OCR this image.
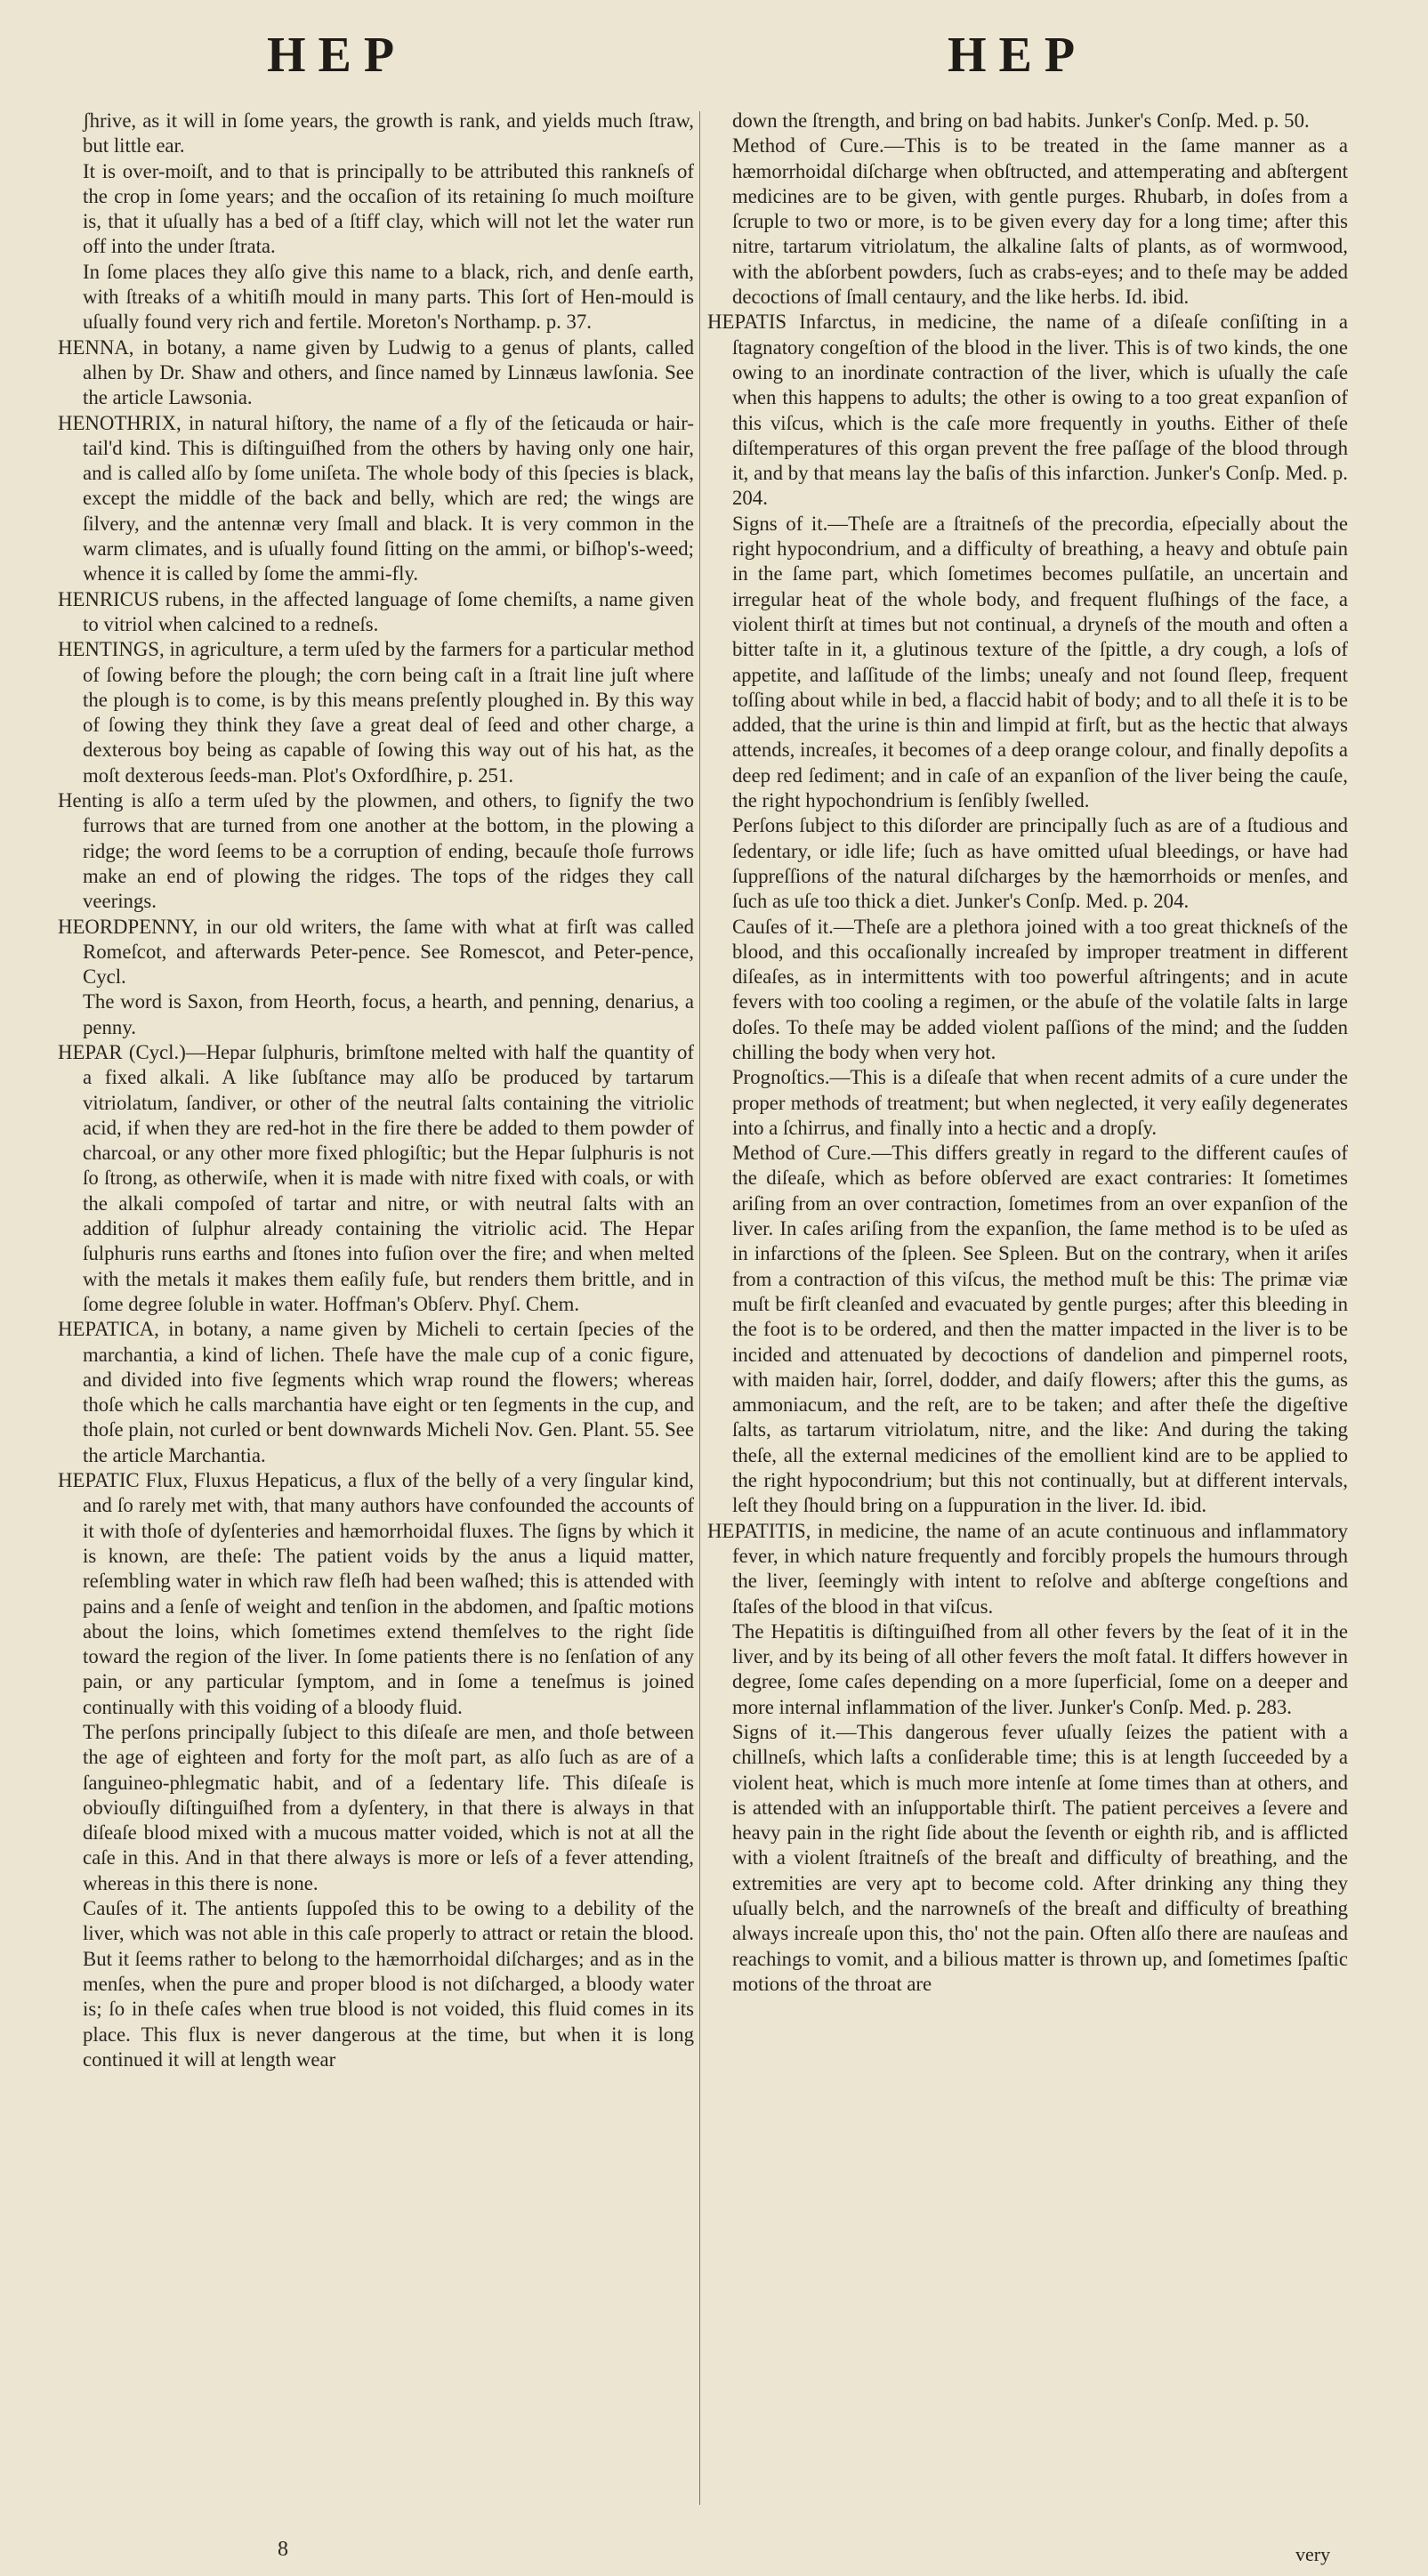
HEP	HEP

ʃhrive, as it will in ſome years, the growth is rank, and yields much ſtraw, but little ear.

It is over-moiſt, and to that is principally to be attributed this rankneſs of the crop in ſome years; and the occaſion of its retaining ſo much moiſture is, that it uſually has a bed of a ſtiff clay, which will not let the water run off into the under ſtrata.

In ſome places they alſo give this name to a black, rich, and denſe earth, with ſtreaks of a whitiſh mould in many parts. This ſort of Hen-mould is uſually found very rich and fertile. Moreton's Northamp. p. 37.

HENNA, in botany, a name given by Ludwig to a genus of plants, called alhen by Dr. Shaw and others, and ſince named by Linnæus lawſonia. See the article Lawsonia.

HENOTHRIX, in natural hiſtory, the name of a fly of the ſeticauda or hair-tail'd kind. This is diſtinguiſhed from the others by having only one hair, and is called alſo by ſome uniſeta. The whole body of this ſpecies is black, except the middle of the back and belly, which are red; the wings are ſilvery, and the antennæ very ſmall and black. It is very common in the warm climates, and is uſually found ſitting on the ammi, or biſhop's-weed; whence it is called by ſome the ammi-fly.

HENRICUS rubens, in the affected language of ſome chemiſts, a name given to vitriol when calcined to a redneſs.

HENTINGS, in agriculture, a term uſed by the farmers for a particular method of ſowing before the plough; the corn being caſt in a ſtrait line juſt where the plough is to come, is by this means preſently ploughed in. By this way of ſowing they think they ſave a great deal of ſeed and other charge, a dexterous boy being as capable of ſowing this way out of his hat, as the moſt dexterous ſeeds-man. Plot's Oxfordſhire, p. 251.

Henting is alſo a term uſed by the plowmen, and others, to ſignify the two furrows that are turned from one another at the bottom, in the plowing a ridge; the word ſeems to be a corruption of ending, becauſe thoſe furrows make an end of plowing the ridges. The tops of the ridges they call veerings.

HEORDPENNY, in our old writers, the ſame with what at firſt was called Romeſcot, and afterwards Peter-pence. See Romescot, and Peter-pence, Cycl.

The word is Saxon, from Heorth, focus, a hearth, and penning, denarius, a penny.

HEPAR (Cycl.)—Hepar ſulphuris, brimſtone melted with half the quantity of a fixed alkali. A like ſubſtance may alſo be produced by tartarum vitriolatum, ſandiver, or other of the neutral ſalts containing the vitriolic acid, if when they are red-hot in the fire there be added to them powder of charcoal, or any other more fixed phlogiſtic; but the Hepar ſulphuris is not ſo ſtrong, as otherwiſe, when it is made with nitre fixed with coals, or with the alkali compoſed of tartar and nitre, or with neutral ſalts with an addition of ſulphur already containing the vitriolic acid. The Hepar ſulphuris runs earths and ſtones into fuſion over the fire; and when melted with the metals it makes them eaſily fuſe, but renders them brittle, and in ſome degree ſoluble in water. Hoffman's Obſerv. Phyſ. Chem.

HEPATICA, in botany, a name given by Micheli to certain ſpecies of the marchantia, a kind of lichen. Theſe have the male cup of a conic figure, and divided into five ſegments which wrap round the flowers; whereas thoſe which he calls marchantia have eight or ten ſegments in the cup, and thoſe plain, not curled or bent downwards Micheli Nov. Gen. Plant. 55. See the article Marchantia.

HEPATIC Flux, Fluxus Hepaticus, a flux of the belly of a very ſingular kind, and ſo rarely met with, that many authors have confounded the accounts of it with thoſe of dyſenteries and hæmorrhoidal fluxes. The ſigns by which it is known, are theſe: The patient voids by the anus a liquid matter, reſembling water in which raw fleſh had been waſhed; this is attended with pains and a ſenſe of weight and tenſion in the abdomen, and ſpaſtic motions about the loins, which ſometimes extend themſelves to the right ſide toward the region of the liver. In ſome patients there is no ſenſation of any pain, or any particular ſymptom, and in ſome a teneſmus is joined continually with this voiding of a bloody fluid.

The perſons principally ſubject to this diſeaſe are men, and thoſe between the age of eighteen and forty for the moſt part, as alſo ſuch as are of a ſanguineo-phlegmatic habit, and of a ſedentary life. This diſeaſe is obviouſly diſtinguiſhed from a dyſentery, in that there is always in that diſeaſe blood mixed with a mucous matter voided, which is not at all the caſe in this. And in that there always is more or leſs of a fever attending, whereas in this there is none.

Cauſes of it. The antients ſuppoſed this to be owing to a debility of the liver, which was not able in this caſe properly to attract or retain the blood. But it ſeems rather to belong to the hæmorrhoidal diſcharges; and as in the menſes, when the pure and proper blood is not diſcharged, a bloody water is; ſo in theſe caſes when true blood is not voided, this fluid comes in its place. This flux is never dangerous at the time, but when it is long continued it will at length wear

down the ſtrength, and bring on bad habits. Junker's Conſp. Med. p. 50.

Method of Cure.—This is to be treated in the ſame manner as a hæmorrhoidal diſcharge when obſtructed, and attemperating and abſtergent medicines are to be given, with gentle purges. Rhubarb, in doſes from a ſcruple to two or more, is to be given every day for a long time; after this nitre, tartarum vitriolatum, the alkaline ſalts of plants, as of wormwood, with the abſorbent powders, ſuch as crabs-eyes; and to theſe may be added decoctions of ſmall centaury, and the like herbs. Id. ibid.

HEPATIS Infarctus, in medicine, the name of a diſeaſe conſiſting in a ſtagnatory congeſtion of the blood in the liver. This is of two kinds, the one owing to an inordinate contraction of the liver, which is uſually the caſe when this happens to adults; the other is owing to a too great expanſion of this viſcus, which is the caſe more frequently in youths. Either of theſe diſtemperatures of this organ prevent the free paſſage of the blood through it, and by that means lay the baſis of this infarction. Junker's Conſp. Med. p. 204.

Signs of it.—Theſe are a ſtraitneſs of the precordia, eſpecially about the right hypocondrium, and a difficulty of breathing, a heavy and obtuſe pain in the ſame part, which ſometimes becomes pulſatile, an uncertain and irregular heat of the whole body, and frequent fluſhings of the face, a violent thirſt at times but not continual, a dryneſs of the mouth and often a bitter taſte in it, a glutinous texture of the ſpittle, a dry cough, a loſs of appetite, and laſſitude of the limbs; uneaſy and not ſound ſleep, frequent toſſing about while in bed, a flaccid habit of body; and to all theſe it is to be added, that the urine is thin and limpid at firſt, but as the hectic that always attends, increaſes, it becomes of a deep orange colour, and finally depoſits a deep red ſediment; and in caſe of an expanſion of the liver being the cauſe, the right hypochondrium is ſenſibly ſwelled.

Perſons ſubject to this diſorder are principally ſuch as are of a ſtudious and ſedentary, or idle life; ſuch as have omitted uſual bleedings, or have had ſuppreſſions of the natural diſcharges by the hæmorrhoids or menſes, and ſuch as uſe too thick a diet. Junker's Conſp. Med. p. 204.

Cauſes of it.—Theſe are a plethora joined with a too great thickneſs of the blood, and this occaſionally increaſed by improper treatment in different diſeaſes, as in intermittents with too powerful aſtringents; and in acute fevers with too cooling a regimen, or the abuſe of the volatile ſalts in large doſes. To theſe may be added violent paſſions of the mind; and the ſudden chilling the body when very hot.

Prognoſtics.—This is a diſeaſe that when recent admits of a cure under the proper methods of treatment; but when neglected, it very eaſily degenerates into a ſchirrus, and finally into a hectic and a dropſy.

Method of Cure.—This differs greatly in regard to the different cauſes of the diſeaſe, which as before obſerved are exact contraries: It ſometimes ariſing from an over contraction, ſometimes from an over expanſion of the liver. In caſes ariſing from the expanſion, the ſame method is to be uſed as in infarctions of the ſpleen. See Spleen. But on the contrary, when it ariſes from a contraction of this viſcus, the method muſt be this: The primæ viæ muſt be firſt cleanſed and evacuated by gentle purges; after this bleeding in the foot is to be ordered, and then the matter impacted in the liver is to be incided and attenuated by decoctions of dandelion and pimpernel roots, with maiden hair, ſorrel, dodder, and daiſy flowers; after this the gums, as ammoniacum, and the reſt, are to be taken; and after theſe the digeſtive ſalts, as tartarum vitriolatum, nitre, and the like: And during the taking theſe, all the external medicines of the emollient kind are to be applied to the right hypocondrium; but this not continually, but at different intervals, leſt they ſhould bring on a ſuppuration in the liver. Id. ibid.

HEPATITIS, in medicine, the name of an acute continuous and inflammatory fever, in which nature frequently and forcibly propels the humours through the liver, ſeemingly with intent to reſolve and abſterge congeſtions and ſtaſes of the blood in that viſcus.

The Hepatitis is diſtinguiſhed from all other fevers by the ſeat of it in the liver, and by its being of all other fevers the moſt fatal. It differs however in degree, ſome caſes depending on a more ſuperficial, ſome on a deeper and more internal inflammation of the liver. Junker's Conſp. Med. p. 283.

Signs of it.—This dangerous fever uſually ſeizes the patient with a chillneſs, which laſts a conſiderable time; this is at length ſucceeded by a violent heat, which is much more intenſe at ſome times than at others, and is attended with an inſupportable thirſt. The patient perceives a ſevere and heavy pain in the right ſide about the ſeventh or eighth rib, and is afflicted with a violent ſtraitneſs of the breaſt and difficulty of breathing, and the extremities are very apt to become cold. After drinking any thing they uſually belch, and the narrowneſs of the breaſt and difficulty of breathing always increaſe upon this, tho' not the pain. Often alſo there are nauſeas and reachings to vomit, and a bilious matter is thrown up, and ſometimes ſpaſtic motions of the throat are

8	very
